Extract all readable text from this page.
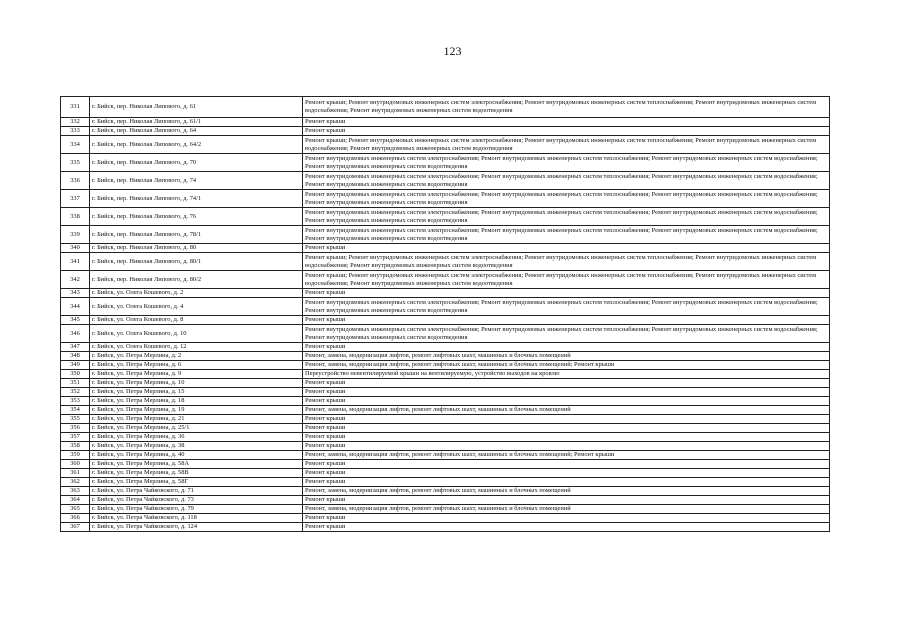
123
331	г. Бийск, пер. Николая Липового, д. 61	Ремонт крыши; Ремонт внутридомовых инженерных систем электроснабжения; Ремонт внутридомовых инженерных систем теплоснабжения; Ремонт внутридомовых инженерных систем водоснабжения; Ремонт внутридомовых инженерных систем водоотведения
332	г. Бийск, пер. Николая Липового, д. 61/1	Ремонт крыши
333	г. Бийск, пер. Николая Липового, д. 64	Ремонт крыши
334	г. Бийск, пер. Николая Липового, д. 64/2	Ремонт крыши; Ремонт внутридомовых инженерных систем электроснабжения; Ремонт внутридомовых инженерных систем теплоснабжения; Ремонт внутридомовых инженерных систем водоснабжения; Ремонт внутридомовых инженерных систем водоотведения
335	г. Бийск, пер. Николая Липового, д. 70	Ремонт внутридомовых инженерных систем электроснабжения; Ремонт внутридомовых инженерных систем теплоснабжения; Ремонт внутридомовых инженерных систем водоснабжения; Ремонт внутридомовых инженерных систем водоотведения
336	г. Бийск, пер. Николая Липового, д. 74	Ремонт внутридомовых инженерных систем электроснабжения; Ремонт внутридомовых инженерных систем теплоснабжения; Ремонт внутридомовых инженерных систем водоснабжения; Ремонт внутридомовых инженерных систем водоотведения
337	г. Бийск, пер. Николая Липового, д. 74/1	Ремонт внутридомовых инженерных систем электроснабжения; Ремонт внутридомовых инженерных систем теплоснабжения; Ремонт внутридомовых инженерных систем водоснабжения; Ремонт внутридомовых инженерных систем водоотведения
338	г. Бийск, пер. Николая Липового, д. 76	Ремонт внутридомовых инженерных систем электроснабжения; Ремонт внутридомовых инженерных систем теплоснабжения; Ремонт внутридомовых инженерных систем водоснабжения; Ремонт внутридомовых инженерных систем водоотведения
339	г. Бийск, пер. Николая Липового, д. 78/1	Ремонт внутридомовых инженерных систем электроснабжения; Ремонт внутридомовых инженерных систем теплоснабжения; Ремонт внутридомовых инженерных систем водоснабжения; Ремонт внутридомовых инженерных систем водоотведения
340	г. Бийск, пер. Николая Липового, д. 80	Ремонт крыши
341	г. Бийск, пер. Николая Липового, д. 80/1	Ремонт крыши; Ремонт внутридомовых инженерных систем электроснабжения; Ремонт внутридомовых инженерных систем теплоснабжения; Ремонт внутридомовых инженерных систем водоснабжения; Ремонт внутридомовых инженерных систем водоотведения
342	г. Бийск, пер. Николая Липового, д. 80/2	Ремонт крыши; Ремонт внутридомовых инженерных систем электроснабжения; Ремонт внутридомовых инженерных систем теплоснабжения; Ремонт внутридомовых инженерных систем водоснабжения; Ремонт внутридомовых инженерных систем водоотведения
343	г. Бийск, ул. Олега Кошевого, д. 2	Ремонт крыши
344	г. Бийск, ул. Олега Кошевого, д. 4	Ремонт внутридомовых инженерных систем электроснабжения; Ремонт внутридомовых инженерных систем теплоснабжения; Ремонт внутридомовых инженерных систем водоснабжения; Ремонт внутридомовых инженерных систем водоотведения
345	г. Бийск, ул. Олега Кошевого, д. 8	Ремонт крыши
346	г. Бийск, ул. Олега Кошевого, д. 10	Ремонт внутридомовых инженерных систем электроснабжения; Ремонт внутридомовых инженерных систем теплоснабжения; Ремонт внутридомовых инженерных систем водоснабжения; Ремонт внутридомовых инженерных систем водоотведения
347	г. Бийск, ул. Олега Кошевого, д. 12	Ремонт крыши
348	г. Бийск, ул. Петра Мерлина, д. 2	Ремонт, замена, модернизация лифтов, ремонт лифтовых шахт, машинных и блочных помещений
349	г. Бийск, ул. Петра Мерлина, д. 6	Ремонт, замена, модернизация лифтов, ремонт лифтовых шахт, машинных и блочных помещений; Ремонт крыши
350	г. Бийск, ул. Петра Мерлина, д. 9	Переустройство невентилируемой крыши на вентилируемую, устройство выходов на кровлю
351	г. Бийск, ул. Петра Мерлина, д. 10	Ремонт крыши
352	г. Бийск, ул. Петра Мерлина, д. 15	Ремонт крыши
353	г. Бийск, ул. Петра Мерлина, д. 18	Ремонт крыши
354	г. Бийск, ул. Петра Мерлина, д. 19	Ремонт, замена, модернизация лифтов, ремонт лифтовых шахт, машинных и блочных помещений
355	г. Бийск, ул. Петра Мерлина, д. 21	Ремонт крыши
356	г. Бийск, ул. Петра Мерлина, д. 25/1	Ремонт крыши
357	г. Бийск, ул. Петра Мерлина, д. 36	Ремонт крыши
358	г. Бийск, ул. Петра Мерлина, д. 38	Ремонт крыши
359	г. Бийск, ул. Петра Мерлина, д. 40	Ремонт, замена, модернизация лифтов, ремонт лифтовых шахт, машинных и блочных помещений; Ремонт крыши
360	г. Бийск, ул. Петра Мерлина, д. 58А	Ремонт крыши
361	г. Бийск, ул. Петра Мерлина, д. 58В	Ремонт крыши
362	г. Бийск, ул. Петра Мерлина, д. 58Г	Ремонт крыши
363	г. Бийск, ул. Петра Чайковского, д. 71	Ремонт, замена, модернизация лифтов, ремонт лифтовых шахт, машинных и блочных помещений
364	г. Бийск, ул. Петра Чайковского, д. 73	Ремонт крыши
365	г. Бийск, ул. Петра Чайковского, д. 79	Ремонт, замена, модернизация лифтов, ремонт лифтовых шахт, машинных и блочных помещений
366	г. Бийск, ул. Петра Чайковского, д. 118	Ремонт крыши
367	г. Бийск, ул. Петра Чайковского, д. 124	Ремонт крыши
